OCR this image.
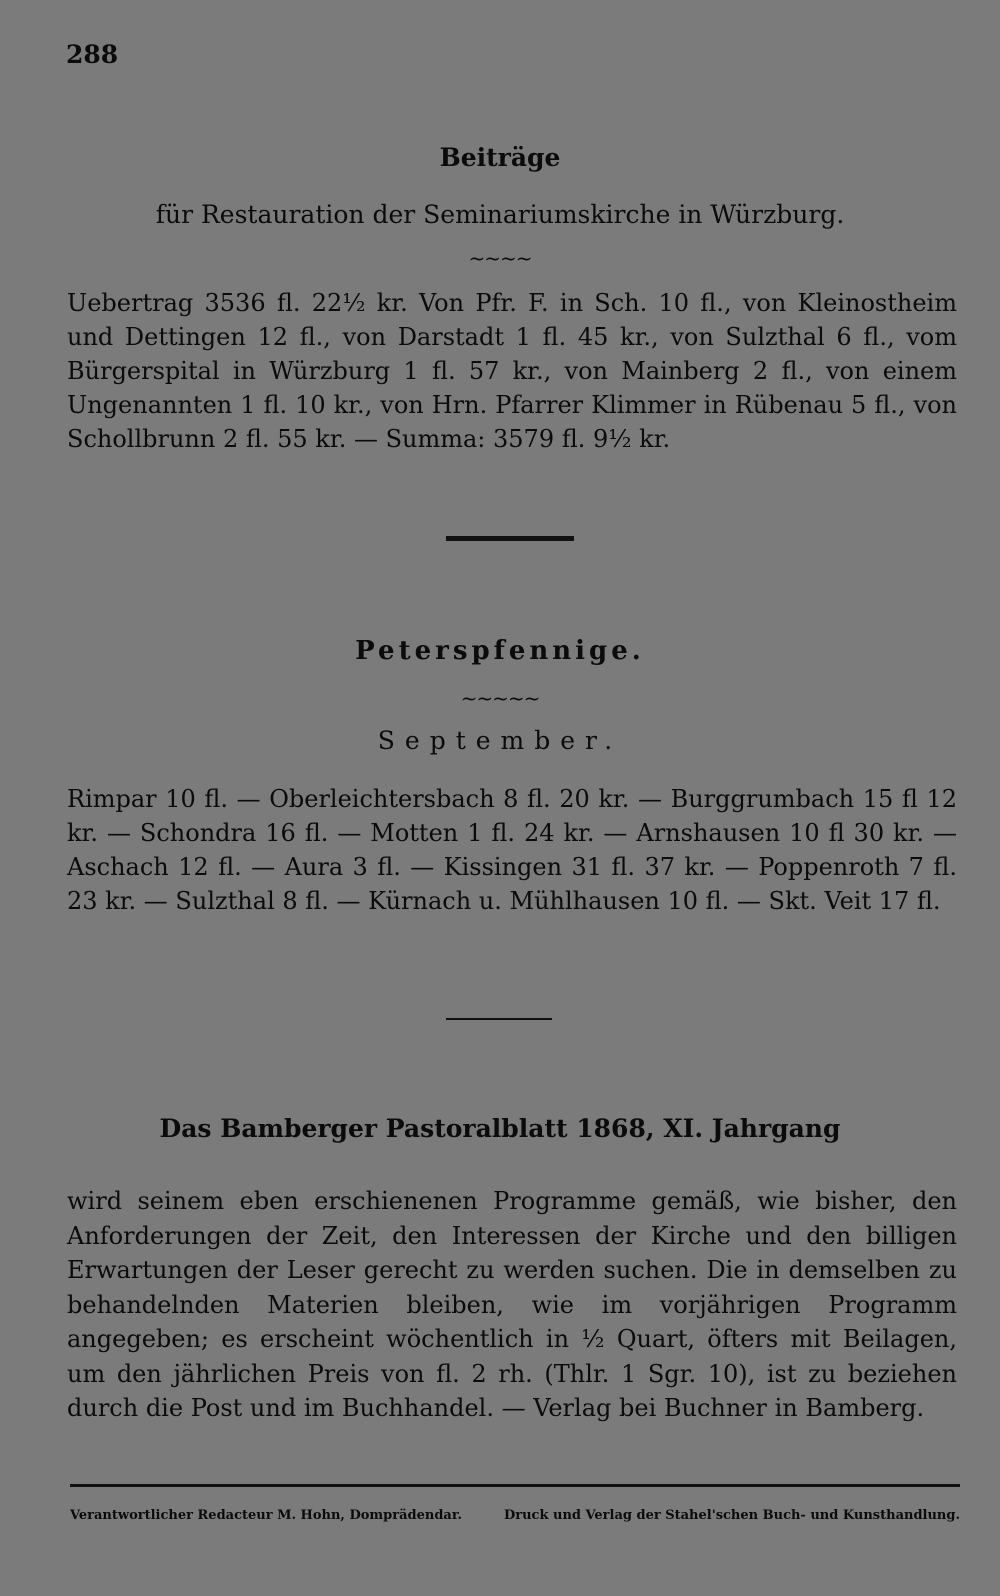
288
Beiträge
für Restauration der Seminariumskirche in Würzburg.
~~~~

Uebertrag 3536 fl. 22½ kr. Von Pfr. F. in Sch. 10 fl., von Kleinostheim und Dettingen 12 fl., von Darstadt 1 fl. 45 kr., von Sulzthal 6 fl., vom Bürgerspital in Würzburg 1 fl. 57 kr., von Mainberg 2 fl., von einem Ungenannten 1 fl. 10 kr., von Hrn. Pfarrer Klimmer in Rübenau 5 fl., von Schollbrunn 2 fl. 55 kr. — Summa: 3579 fl. 9½ kr.

Peterspfennige.
~~~~~
September.

Rimpar 10 fl. — Oberleichtersbach 8 fl. 20 kr. — Burggrumbach 15 fl 12 kr. — Schondra 16 fl. — Motten 1 fl. 24 kr. — Arnshausen 10 fl 30 kr. — Aschach 12 fl. — Aura 3 fl. — Kissingen 31 fl. 37 kr. — Poppenroth 7 fl. 23 kr. — Sulzthal 8 fl. — Kürnach u. Mühlhausen 10 fl. — Skt. Veit 17 fl.

Das Bamberger Pastoralblatt 1868, XI. Jahrgang

wird seinem eben erschienenen Programme gemäß, wie bisher, den Anforderungen der Zeit, den Interessen der Kirche und den billigen Erwartungen der Leser gerecht zu werden suchen. Die in demselben zu behandelnden Materien bleiben, wie im vorjährigen Programm angegeben; es erscheint wöchentlich in ½ Quart, öfters mit Beilagen, um den jährlichen Preis von fl. 2 rh. (Thlr. 1 Sgr. 10), ist zu beziehen durch die Post und im Buchhandel. — Verlag bei Buchner in Bamberg.

Verantwortlicher Redacteur M. Hohn, Domprädendar.	Druck und Verlag der Stahel'schen Buch- und Kunsthandlung.
